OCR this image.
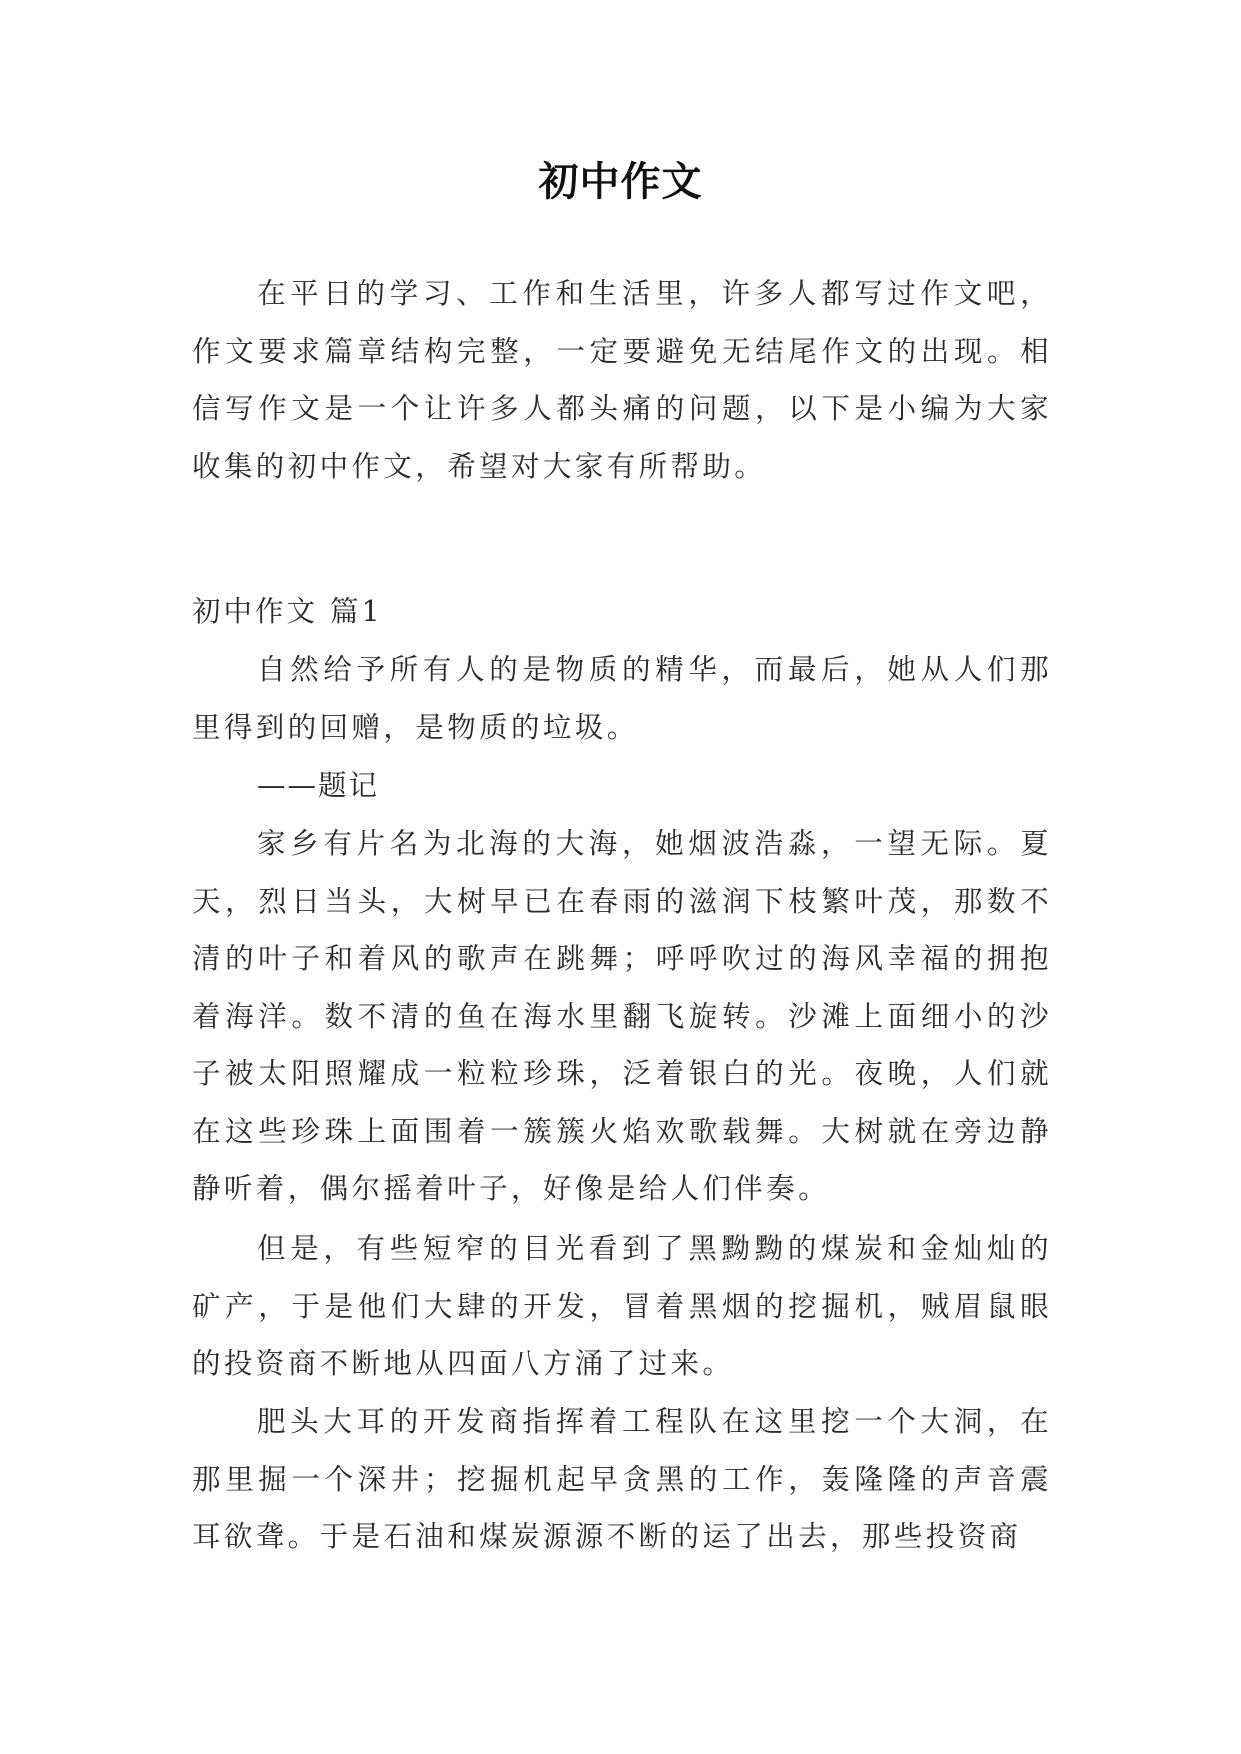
初中作文

在平日的学习、工作和生活里，许多人都写过作文吧，作文要求篇章结构完整，一定要避免无结尾作文的出现。相信写作文是一个让许多人都头痛的问题，以下是小编为大家收集的初中作文，希望对大家有所帮助。

初中作文 篇1

自然给予所有人的是物质的精华，而最后，她从人们那里得到的回赠，是物质的垃圾。

——题记

家乡有片名为北海的大海，她烟波浩淼，一望无际。夏天，烈日当头，大树早已在春雨的滋润下枝繁叶茂，那数不清的叶子和着风的歌声在跳舞；呼呼吹过的海风幸福的拥抱着海洋。数不清的鱼在海水里翻飞旋转。沙滩上面细小的沙子被太阳照耀成一粒粒珍珠，泛着银白的光。夜晚，人们就在这些珍珠上面围着一簇簇火焰欢歌载舞。大树就在旁边静静听着，偶尔摇着叶子，好像是给人们伴奏。

但是，有些短窄的目光看到了黑黝黝的煤炭和金灿灿的矿产，于是他们大肆的开发，冒着黑烟的挖掘机，贼眉鼠眼的投资商不断地从四面八方涌了过来。

肥头大耳的开发商指挥着工程队在这里挖一个大洞，在那里掘一个深井；挖掘机起早贪黑的工作，轰隆隆的声音震耳欲聋。于是石油和煤炭源源不断的运了出去，那些投资商
